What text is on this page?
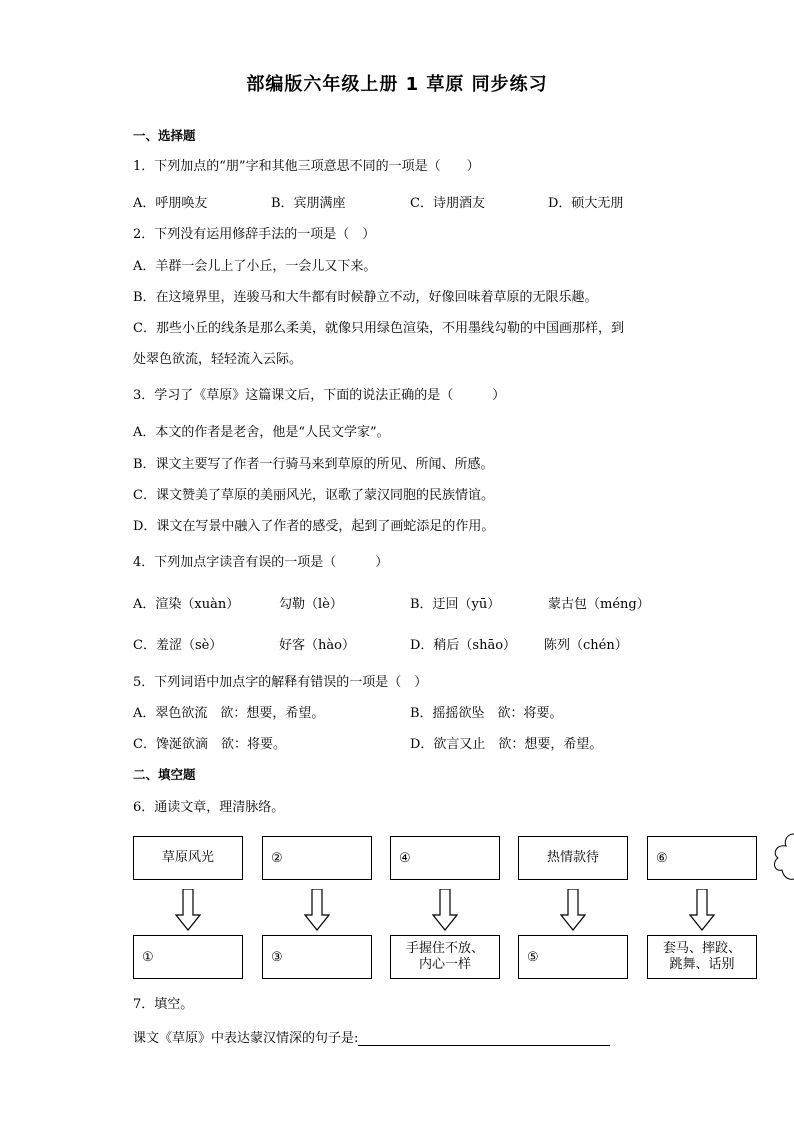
部编版六年级上册 1 草原 同步练习
一、选择题
1．下列加点的“朋”字和其他三项意思不同的一项是（　　）
A．呼朋唤友	B．宾朋满座	C．诗朋酒友	D．硕大无朋
2．下列没有运用修辞手法的一项是（　）
A．羊群一会儿上了小丘，一会儿又下来。
B．在这境界里，连骏马和大牛都有时候静立不动，好像回味着草原的无限乐趣。
C．那些小丘的线条是那么柔美，就像只用绿色渲染，不用墨线勾勒的中国画那样，到
处翠色欲流，轻轻流入云际。
3．学习了《草原》这篇课文后，下面的说法正确的是（　　　）
A．本文的作者是老舍，他是“人民文学家”。
B．课文主要写了作者一行骑马来到草原的所见、所闻、所感。
C．课文赞美了草原的美丽风光，讴歌了蒙汉同胞的民族情谊。
D．课文在写景中融入了作者的感受，起到了画蛇添足的作用。
4．下列加点字读音有误的一项是（　　　）
A．渲染（xuàn）	勾勒（lè）	B．迂回（yū）	蒙古包（méng）
C．羞涩（sè）	好客（hào）	D．稍后（shāo） 陈列（chén）
5．下列词语中加点字的解释有错误的一项是（　）
A．翠色欲流　欲：想要，希望。	B．摇摇欲坠　欲：将要。
C．馋涎欲滴　欲：将要。	D．欲言又止　欲：想要，希望。
二、填空题
6．通读文章，理清脉络。
草原风光	②	④	热情款待	⑥
①	③
手握住不放、
内心一样	⑤
套马、摔跤、
跳舞、话别
7．填空。
课文《草原》中表达蒙汉情深的句子是:
